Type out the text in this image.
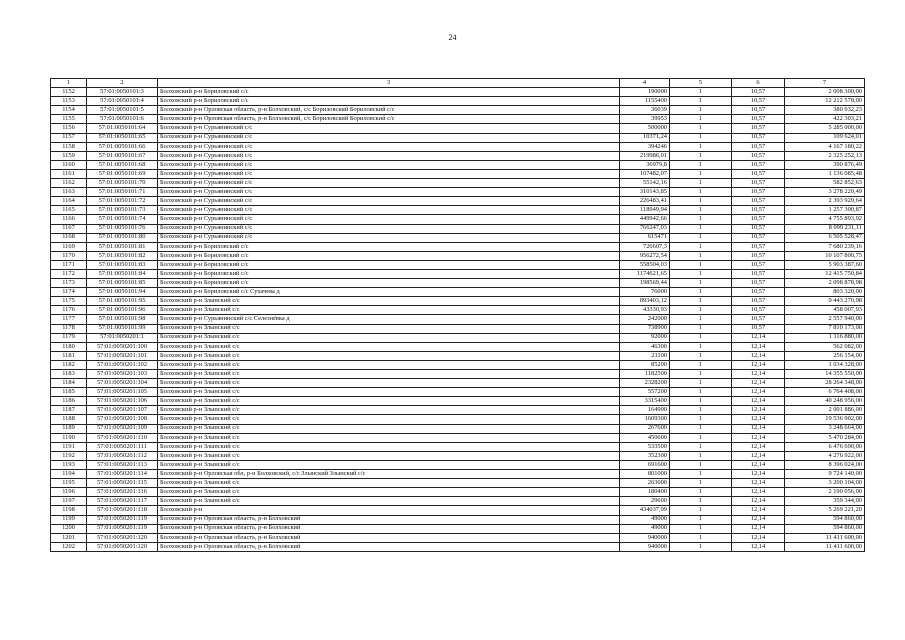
24
1	2	3	4	5	6	7
1152	57:01:0050101:3	Болховский р-н Бориловский с/с	190000	1	10,57	2 008 300,00
1153	57:01:0050101:4	Болховский р-н Бориловский с/с	1155400	1	10,57	12 212 578,00
1154	57:01:0050101:5	Болховский р-н Орловская область, р-н Болховский, с/с Бориловский Бориловский с/с	36039	1	10,57	380 932,23
1155	57:01:0050101:6	Болховский р-н Орловская область, р-н Болховский, с/с Бориловский Бориловский с/с	39953	1	10,57	422 303,21
1156	57:01:0050101:64	Болховский р-н Сурьянинский с/с	500000	1	10,57	5 285 000,00
1157	57:01:0050101:65	Болховский р-н Сурьянинский с/с	10371,24	1	10,57	109 624,01
1158	57:01:0050101:66	Болховский р-н Сурьянинский с/с	394246	1	10,57	4 167 180,22
1159	57:01:0050101:67	Болховский р-н Сурьянинский с/с	219986,01	1	10,57	2 325 252,13
1160	57:01:0050101:68	Болховский р-н Сурьянинский с/с	36979,8	1	10,57	390 876,49
1161	57:01:0050101:69	Болховский р-н Сурьянинский с/с	107482,07	1	10,57	1 136 085,48
1162	57:01:0050101:70	Болховский р-н Сурьянинский с/с	55142,16	1	10,57	582 852,63
1163	57:01:0050101:71	Болховский р-н Сурьянинский с/с	310143,85	1	10,57	3 278 220,49
1164	57:01:0050101:72	Болховский р-н Сурьянинский с/с	226483,41	1	10,57	2 393 929,64
1165	57:01:0050101:73	Болховский р-н Сурьянинский с/с	118949,94	1	10,57	1 257 300,87
1166	57:01:0050101:74	Болховский р-н Сурьянинский с/с	449942,66	1	10,57	4 755 893,92
1167	57:01:0050101:76	Болховский р-н Сурьянинский с/с	766247,03	1	10,57	8 099 231,11
1168	57:01:0050101:80	Болховский р-н Сурьянинский с/с	615471	1	10,57	6 505 528,47
1169	57:01:0050101:81	Болховский р-н Бориловский с/с	726607,3	1	10,57	7 680 239,16
1170	57:01:0050101:82	Болховский р-н Бориловский с/с	956272,54	1	10,57	10 107 800,75
1171	57:01:0050101:83	Болховский р-н Бориловский с/с	558504,03	1	10,57	5 903 387,60
1172	57:01:0050101:84	Болховский р-н Бориловский с/с	1174621,65	1	10,57	12 415 750,84
1173	57:01:0050101:85	Болховский р-н Бориловский с/с	198569,44	1	10,57	2 098 878,98
1174	57:01:0050101:94	Болховский р-н Бориловский с/с Сухачева д	76000	1	10,57	803 320,00
1175	57:01:0050101:95	Болховский р-н Злынский с/с	893403,12	1	10,57	9 443 270,98
1176	57:01:0050101:96	Болховский р-н Злынский с/с	43330,93	1	10,57	458 007,93
1177	57:01:0050101:98	Болховский р-н Сурьянинский с/с Селезнёвка д	242000	1	10,57	2 557 940,00
1178	57:01:0050101:99	Болховский р-н Злынский с/с	738900	1	10,57	7 810 173,00
1179	57:01:0050201:1	Болховский р-н Злынский с/с	92000	1	12,14	1 116 880,00
1180	57:01:0050201:100	Болховский р-н Злынский с/с	46300	1	12,14	562 082,00
1181	57:01:0050201:101	Болховский р-н Злынский с/с	21100	1	12,14	256 154,00
1182	57:01:0050201:102	Болховский р-н Злынский с/с	85200	1	12,14	1 034 328,00
1183	57:01:0050201:103	Болховский р-н Злынский с/с	1182500	1	12,14	14 355 550,00
1184	57:01:0050201:104	Болховский р-н Злынский с/с	2328200	1	12,14	28 264 348,00
1185	57:01:0050201:105	Болховский р-н Злынский с/с	557200	1	12,14	6 764 408,00
1186	57:01:0050201:106	Болховский р-н Злынский с/с	3315400	1	12,14	40 248 956,00
1187	57:01:0050201:107	Болховский р-н Злынский с/с	164900	1	12,14	2 001 886,00
1188	57:01:0050201:108	Болховский р-н Злынский с/с	1609300	1	12,14	19 536 902,00
1189	57:01:0050201:109	Болховский р-н Злынский с/с	267600	1	12,14	3 248 664,00
1190	57:01:0050201:110	Болховский р-н Злынский с/с	450600	1	12,14	5 470 284,00
1191	57:01:0050201:111	Болховский р-н Злынский с/с	533500	1	12,14	6 476 690,00
1192	57:01:0050201:112	Болховский р-н Злынский с/с	352300	1	12,14	4 276 922,00
1193	57:01:0050201:113	Болховский р-н Злынский с/с	691600	1	12,14	8 396 024,00
1194	57:01:0050201:114	Болховский р-н Орловская обл, р-н Болховский, с/с Злынский Злынский с/с	801000	1	12,14	9 724 140,00
1195	57:01:0050201:115	Болховский р-н Злынский с/с	263600	1	12,14	3 200 104,00
1196	57:01:0050201:116	Болховский р-н Злынский с/с	180400	1	12,14	2 190 056,00
1197	57:01:0050201:117	Болховский р-н Злынский с/с	29600	1	12,14	359 344,00
1198	57:01:0050201:118	Болховский р-н	434037,99	1	12,14	5 269 221,20
1199	57:01:0050201:119	Болховский р-н Орловская область, р-н Болховский	49000	1	12,14	594 860,00
1200	57:01:0050201:119	Болховский р-н Орловская область, р-н Болховский	49000	1	12,14	594 860,00
1201	57:01:0050201:120	Болховский р-н Орловская область, р-н Болховский	940000	1	12,14	11 411 600,00
1202	57:01:0050201:120	Болховский р-н Орловская область, р-н Болховский	940000	1	12,14	11 411 600,00
